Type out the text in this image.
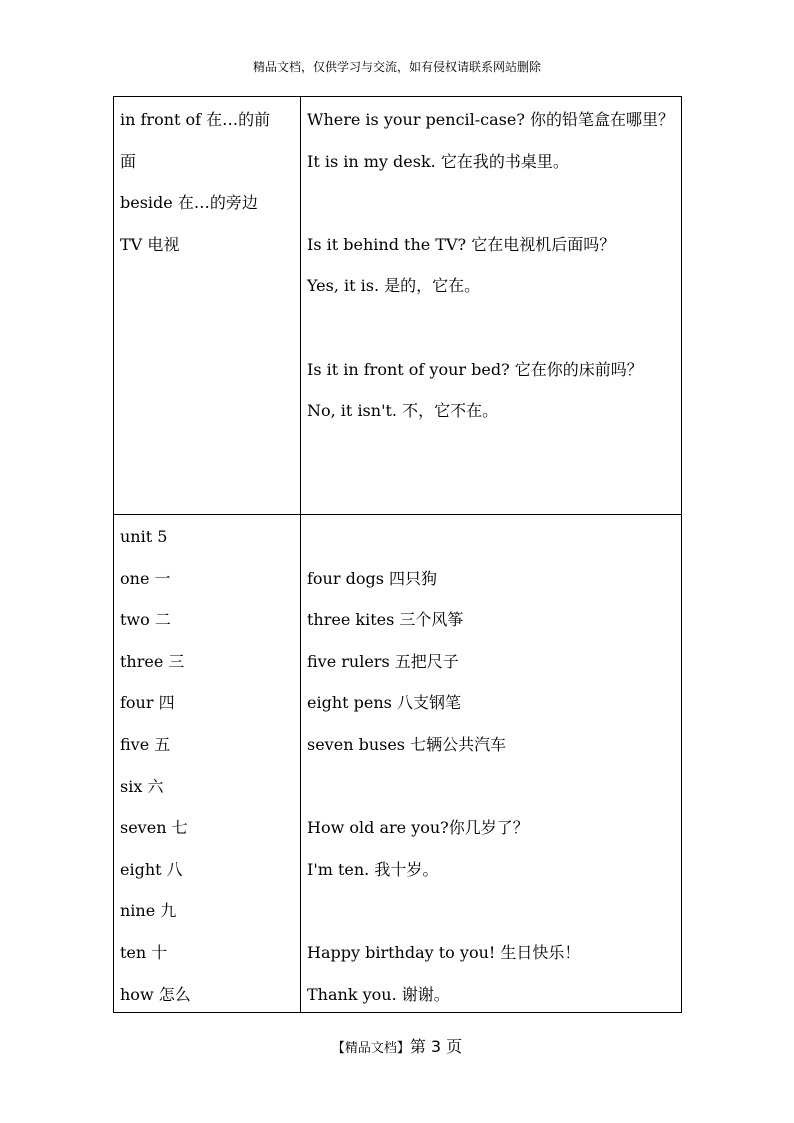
精品文档，仅供学习与交流，如有侵权请联系网站删除
in front of 在…的前
面
beside 在…的旁边
TV 电视
Where is your pencil-case? 你的铅笔盒在哪里？
It is in my desk. 它在我的书桌里。
Is it behind the TV? 它在电视机后面吗？
Yes, it is. 是的，它在。
Is it in front of your bed? 它在你的床前吗？
No, it isn't. 不，它不在。
unit 5
one 一
two 二
three 三
four 四
five 五
six 六
seven 七
eight 八
nine 九
ten 十
how 怎么
four dogs 四只狗
three kites 三个风筝
five rulers 五把尺子
eight pens 八支钢笔
seven buses 七辆公共汽车
How old are you?你几岁了？
I'm ten. 我十岁。
Happy birthday to you! 生日快乐！
Thank you. 谢谢。
【精品文档】第 3 页
